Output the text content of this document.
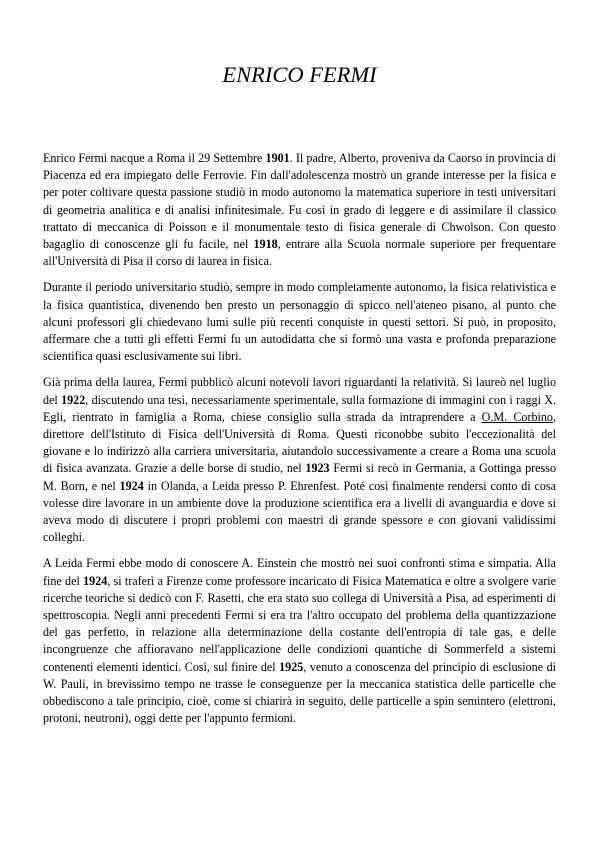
ENRICO FERMI

Enrico Fermi nacque a Roma il 29 Settembre 1901. Il padre, Alberto, proveniva da Caorso in provincia di Piacenza ed era impiegato delle Ferrovie. Fin dall'adolescenza mostrò un grande interesse per la fisica e per poter coltivare questa passione studiò in modo autonomo la matematica superiore in testi universitari di geometria analitica e di analisi infinitesimale. Fu così in grado di leggere e di assimilare il classico trattato di meccanica di Poisson e il monumentale testo di fisica generale di Chwolson. Con questo bagaglio di conoscenze gli fu facile, nel 1918, entrare alla Scuola normale superiore per frequentare all'Università di Pisa il corso di laurea in fisica.

Durante il periodo universitario studiò, sempre in modo completamente autonomo, la fisica relativistica e la fisica quantistica, divenendo ben presto un personaggio di spicco nell'ateneo pisano, al punto che alcuni professori gli chiedevano lumi sulle più recenti conquiste in questi settori. Si può, in proposito, affermare che a tutti gli effetti Fermi fu un autodidatta che si formò una vasta e profonda preparazione scientifica quasi esclusivamente sui libri.

Già prima della laurea, Fermi pubblicò alcuni notevoli lavori riguardanti la relatività. Si laureò nel luglio del 1922, discutendo una tesi, necessariamente sperimentale, sulla formazione di immagini con i raggi X. Egli, rientrato in famiglia a Roma, chiese consiglio sulla strada da intraprendere a O.M. Corbino, direttore dell'Istituto di Fisica dell'Università di Roma. Questi riconobbe subito l'eccezionalità del giovane e lo indirizzò alla carriera universitaria, aiutandolo successivamente a creare a Roma una scuola di fisica avanzata. Grazie a delle borse di studio, nel 1923 Fermi si recò in Germania, a Gottinga presso M. Born, e nel 1924 in Olanda, a Leida presso P. Ehrenfest. Poté così finalmente rendersi conto di cosa volesse dire lavorare in un ambiente dove la produzione scientifica era a livelli di avanguardia e dove si aveva modo di discutere i propri problemi con maestri di grande spessore e con giovani validissimi colleghi.

A Leida Fermi ebbe modo di conoscere A. Einstein che mostrò nei suoi confronti stima e simpatia. Alla fine del 1924, si traferì a Firenze come professore incaricato di Fisica Matematica e oltre a svolgere varie ricerche teoriche si dedicò con F. Rasetti, che era stato suo collega di Università a Pisa, ad esperimenti di spettroscopia. Negli anni precedenti Fermi si era tra l'altro occupato del problema della quantizzazione del gas perfetto, in relazione alla determinazione della costante dell'entropia di tale gas, e delle incongruenze che affioravano nell'applicazione delle condizioni quantiche di Sommerfeld a sistemi contenenti elementi identici. Così, sul finire del 1925, venuto a conoscenza del principio di esclusione di W. Pauli, in brevissimo tempo ne trasse le conseguenze per la meccanica statistica delle particelle che obbediscono a tale principio, cioè, come si chiarirà in seguito, delle particelle a spin semintero (elettroni, protoni, neutroni), oggi dette per l'appunto fermioni.
